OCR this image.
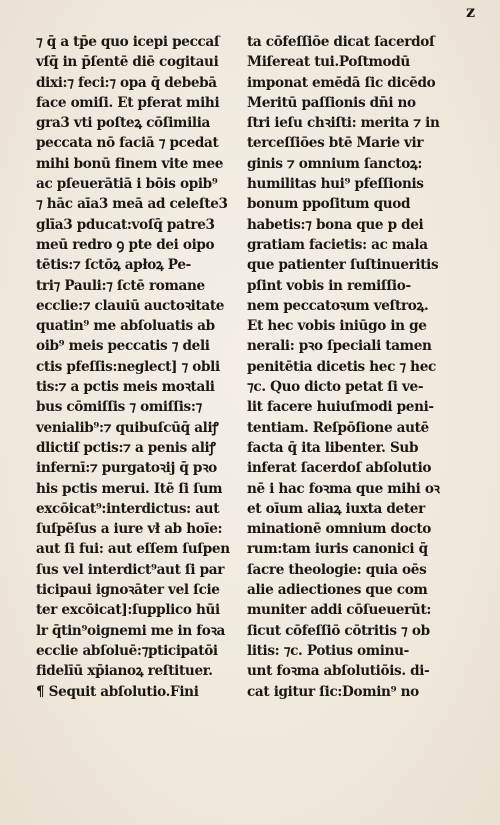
z
⁊ q̄ a tp̄e quo icepi peccaſ
vſq̄ in p̄ſentē diē cogitaui
dixi:⁊ feci:⁊ opa q̄ debebā
face omiſi. Et pferat mihi
gra3 vti poſteꝝ cōſimilia
peccata nō faciā ⁊ pcedat
mihi bonū finem vite mee
ac pſeuerātiā i bōis opib⁹
⁊ hāc aīa3 meā ad celeſte3
glīa3 pducat:voſq̄ patre3
meū redro ꝯ pte dei oipo
tētis:⁊ ſctōꝝ apłoꝝ Pe-
tri⁊ Pauli:⁊ ſctē romane
ecclie:⁊ clauiū auctoꝛitate
quatin⁹ me abſoluatis ab
oib⁹ meis peccatis ⁊ deli
ctis pfeſſis:neglect] ⁊ obli
tis:⁊ a pctis meis moꝛtali
bus cōmiſſis ⁊ omiſſis:⁊
venialib⁹:⁊ quibuſcūq̄ aliꝭ
dlictiſ pctis:⁊ a penis aliꝭ
infernī:⁊ purgatoꝛij q̄ pꝛo
his pctis merui. Itē ſi ſum
excōicat⁹:interdictus: aut
ſuſpēſus a iure vł ab hoīe:
aut ſi fui: aut eſſem ſuſpen
ſus vel interdict⁹aut ſi par
ticipaui ignoꝛāter vel ſcie
ter excōicat]:ſupplico hūi
lr q̄tin⁹oignemi me in foꝛa
ecclie abſoluē:⁊pticipatōi
fidelīū xp̄ianoꝝ reſtituer.
¶ Sequit abſolutio.Fini
ta cōfeſſiōe dicat ſacerdoſ
Miſereat tui.Poſtmodū
imponat emēdā ſic dicēdo
Meritū paſſionis dn̄i no
ſtri ieſu chꝛiſti: merita ⁊ in
terceſſiōes btē Marie vir
ginis ⁊ omnium ſanctoꝝ:
humilitas hui⁹ pfeſſionis
bonum ppoſitum quod
habetis:⁊ bona que p dei
gratiam facietis: ac mala
que patienter ſuſtinueritis
pſint vobis in remiſſio-
nem peccatoꝛum veſtroꝝ.
Et hec vobis iniūgo in ge
nerali: pꝛo ſpeciali tamen
penitētia dicetis hec ⁊ hec
⁊c. Quo dicto petat ſi ve-
lit facere huiuſmodi peni-
tentiam. Reſpōſione autē
facta q̄ ita libenter. Sub
inferat ſacerdoſ abſolutio
nē i hac foꝛma que mihi oꝛ
et oīum aliaꝝ iuxta deter
minationē omnium docto
rum:tam iuris canonici q̄
ſacre theologie: quia oēs
alie adiectiones que com
muniter addi cōſueuerūt:
ſicut cōfeſſiō cōtritis ⁊ ob
litis: ⁊c. Potius ominu-
unt foꝛma abſolutiōis. di-
cat igitur ſic:Domin⁹ no
